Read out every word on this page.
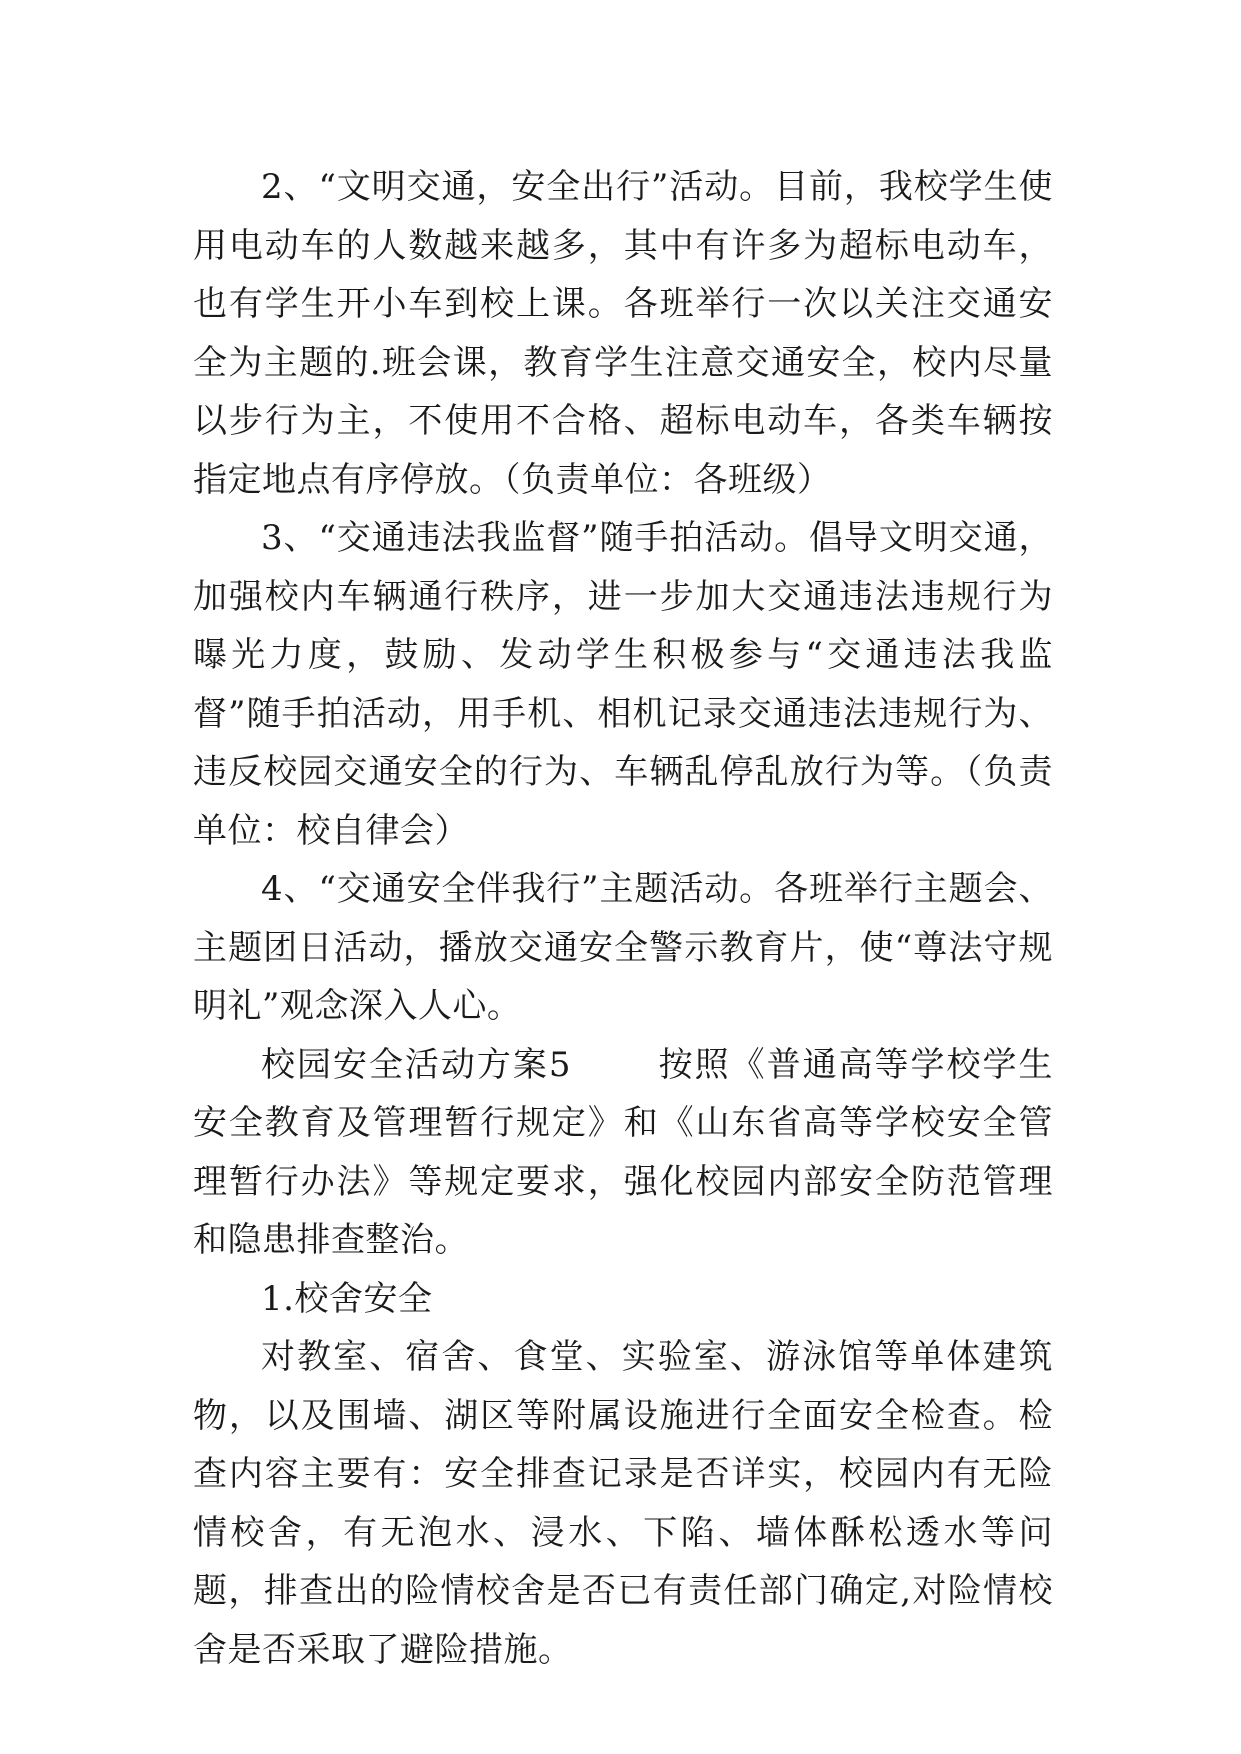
2、“文明交通，安全出行”活动。目前，我校学生使用电动车的人数越来越多，其中有许多为超标电动车，也有学生开小车到校上课。各班举行一次以关注交通安全为主题的.班会课，教育学生注意交通安全，校内尽量以步行为主，不使用不合格、超标电动车，各类车辆按指定地点有序停放。（负责单位：各班级）

3、“交通违法我监督”随手拍活动。倡导文明交通，加强校内车辆通行秩序，进一步加大交通违法违规行为曝光力度，鼓励、发动学生积极参与“交通违法我监督”随手拍活动，用手机、相机记录交通违法违规行为、违反校园交通安全的行为、车辆乱停乱放行为等。（负责单位：校自律会）

4、“交通安全伴我行”主题活动。各班举行主题会、主题团日活动，播放交通安全警示教育片，使“尊法守规明礼”观念深入人心。

校园安全活动方案5	按照《普通高等学校学生安全教育及管理暂行规定》和《山东省高等学校安全管理暂行办法》等规定要求，强化校园内部安全防范管理和隐患排查整治。

1.校舍安全

对教室、宿舍、食堂、实验室、游泳馆等单体建筑物，以及围墙、湖区等附属设施进行全面安全检查。检查内容主要有：安全排查记录是否详实，校园内有无险情校舍，有无泡水、浸水、下陷、墙体酥松透水等问题，排查出的险情校舍是否已有责任部门确定,对险情校舍是否采取了避险措施。
